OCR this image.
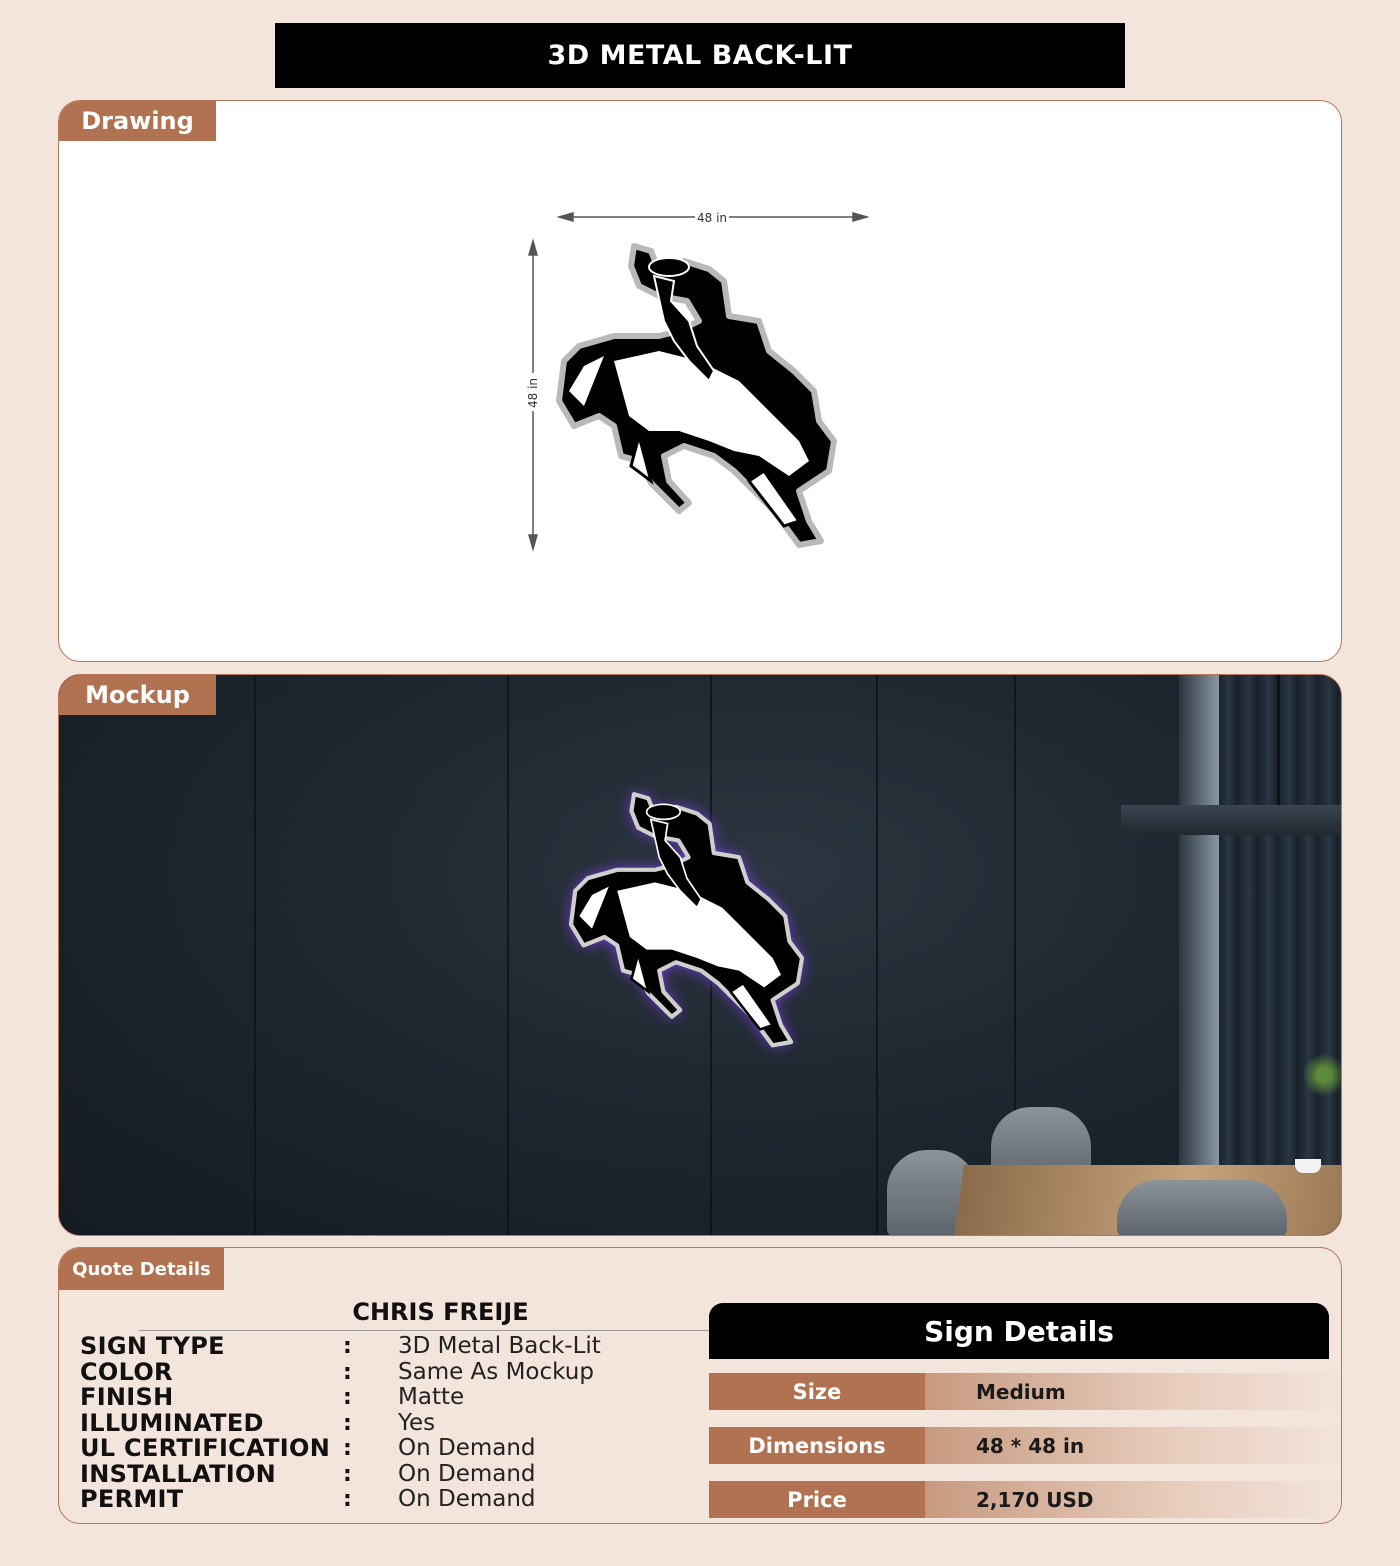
3D METAL BACK-LIT
Drawing
48 in
48 in
Mockup
Quote Details
CHRIS FREIJE
SIGN TYPE	:	3D Metal Back-Lit
COLOR	:	Same As Mockup
FINISH	:	Matte
ILLUMINATED	:	Yes
UL CERTIFICATION :	On Demand
INSTALLATION	:	On Demand
PERMIT	:	On Demand
Sign Details
Size	Medium
Dimensions	48 * 48 in
Price	2,170 USD
